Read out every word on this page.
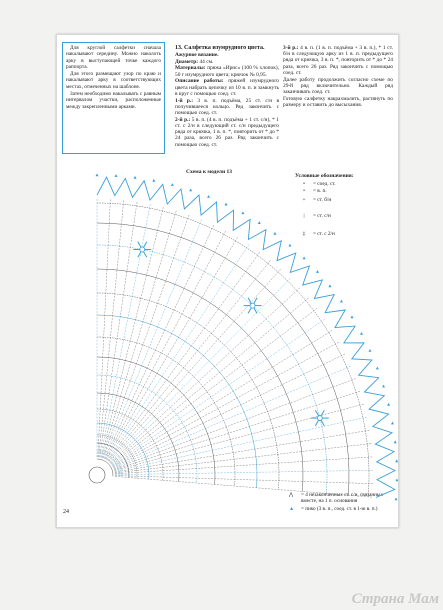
Для круглой салфетки сначала накалывают середину. Можно наколоть арку в выступающей точке каждого раппорта.

Для этого размещают узор по краю и накалывают арку в соответствующих местах, отмеченных на шаблоне.

Затем необходимо накалывать с равным интервалом участки, расположенные между закрепленными арками.

13. Салфетка изумрудного цвета.

Ажурное вязание.

Диаметр: 44 см.

Материалы: пряжа «Ирис» (100 % хлопок), 50 г изумрудного цвета; крючок № 0,95.

Описание работы: пряжей изумрудного цвета набрать цепочку из 10 в. п. и замкнуть в круг с помощью соед. ст.

1-й р.: 3 в. п. подъёма, 25 ст. с/н в получившееся кольцо. Ряд закончить с помощью соед. ст.

2-й р.: 5 в. п. (4 в. п. подъёма + 1 ст. с/н), * 1 ст. с 2/н в следующий ст. с/н предыдущего ряда от крючка, 1 в. п. *, повторить от * до * 24 раза, всего 26 раз. Ряд закончить с помощью соед. ст.

3-й р.: 4 в. п. (1 в. п. подъёма + 3 в. п.), * 1 ст. б/н в следующую арку из 1 в. п. предыдущего ряда от крючка, 3 в. п. *, повторить от * до * 24 раза, всего 26 раз. Ряд закончить с помощью соед. ст.

Далее работу продолжить согласно схеме по 29-й ряд включительно. Каждый ряд заканчивать соед. ст.

Готовую салфетку накрахмалить, растянуть по размеру и оставить до высыхания.

Схема к модели 13
Условные обозначения:
• = соед. ст.
• = в. п.
+ = ст. б/н
| = ст. с/н
‡ = ст. с 2/н
⋀ = 4 незаконченных ст. с/н, связанных вместе, на 1 п. основания
▲ = пико (3 в. п., соед. ст. в 1-ю в. п.)
24
Страна Мам
